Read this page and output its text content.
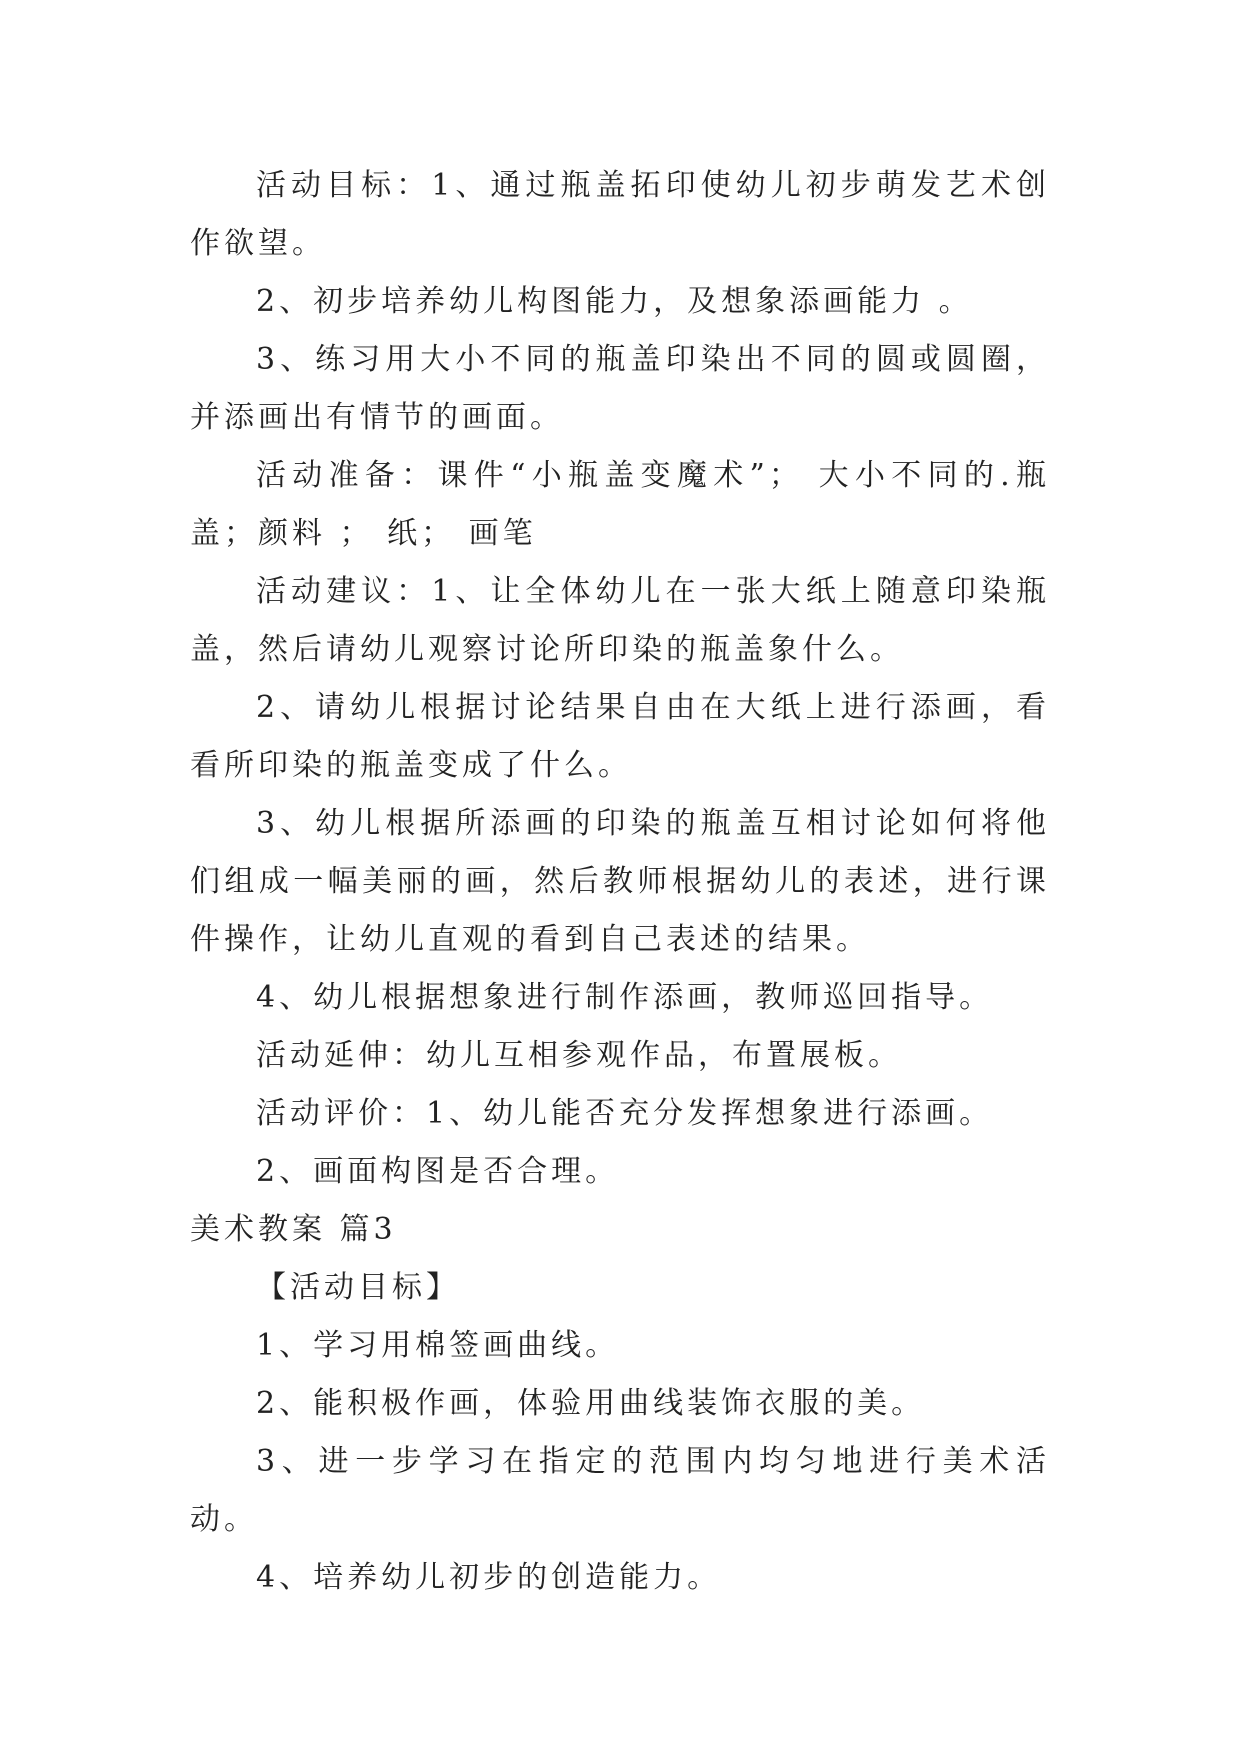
活动目标：1、通过瓶盖拓印使幼儿初步萌发艺术创作欲望。

2、初步培养幼儿构图能力，及想象添画能力 。

3、练习用大小不同的瓶盖印染出不同的圆或圆圈，并添画出有情节的画面。

活动准备：课件“小瓶盖变魔术”； 大小不同的.瓶盖；颜料 ； 纸； 画笔

活动建议：1、让全体幼儿在一张大纸上随意印染瓶盖，然后请幼儿观察讨论所印染的瓶盖象什么。

2、请幼儿根据讨论结果自由在大纸上进行添画，看看所印染的瓶盖变成了什么。

3、幼儿根据所添画的印染的瓶盖互相讨论如何将他们组成一幅美丽的画，然后教师根据幼儿的表述，进行课件操作，让幼儿直观的看到自己表述的结果。

4、幼儿根据想象进行制作添画，教师巡回指导。

活动延伸：幼儿互相参观作品，布置展板。

活动评价：1、幼儿能否充分发挥想象进行添画。

2、画面构图是否合理。

美术教案 篇3

【活动目标】

1、学习用棉签画曲线。

2、能积极作画，体验用曲线装饰衣服的美。

3、进一步学习在指定的范围内均匀地进行美术活动。

4、培养幼儿初步的创造能力。
